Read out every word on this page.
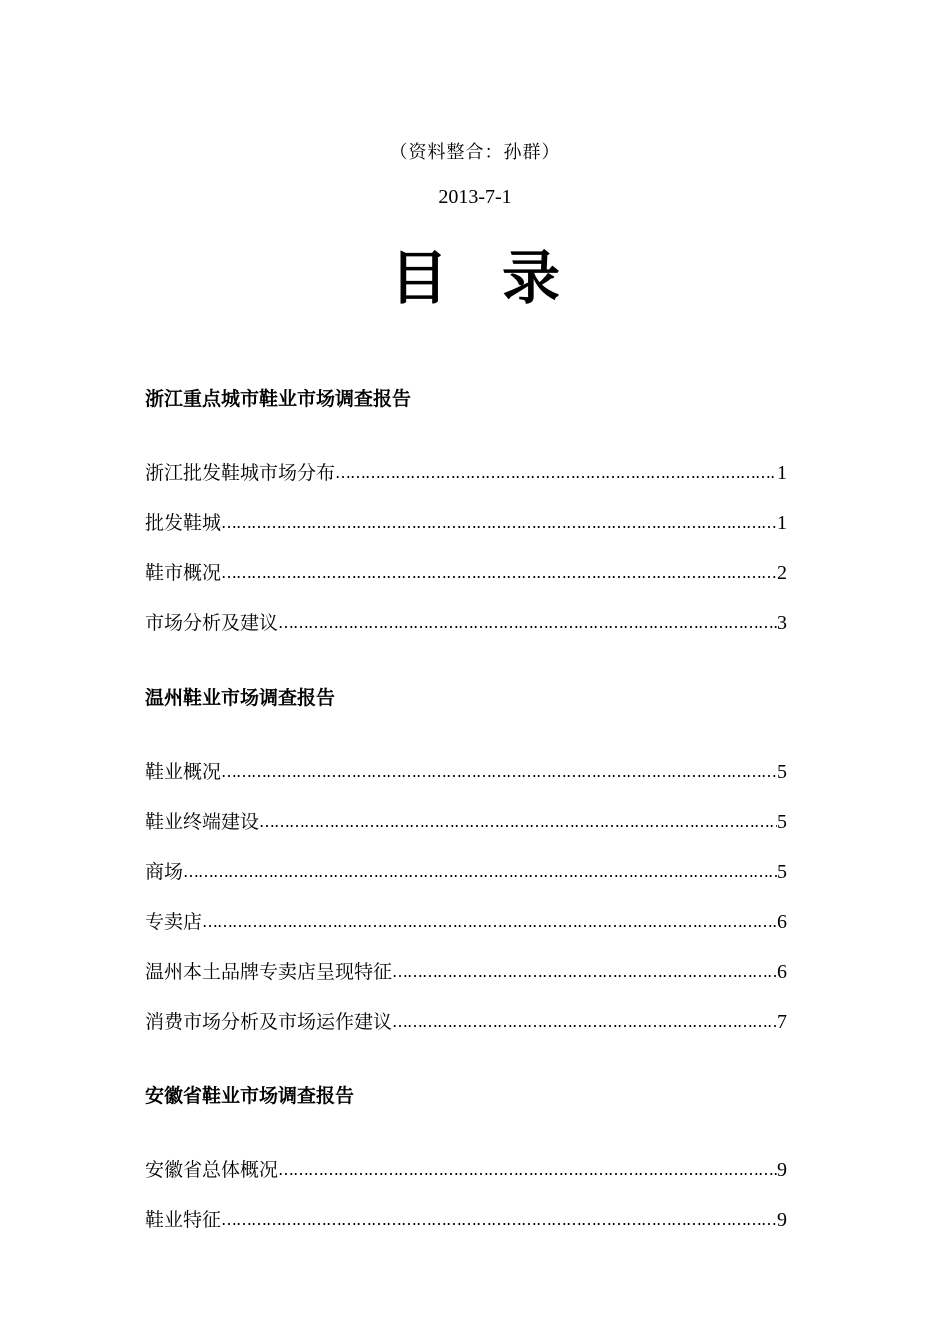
（资料整合：孙群）
2013-7-1
目 录
浙江重点城市鞋业市场调查报告
浙江批发鞋城市场分布 ………………………………………………………………………………………………………………………………………………………………	1
批发鞋城 ………………………………………………………………………………………………………………………………………………………………	1
鞋市概况 ………………………………………………………………………………………………………………………………………………………………	2
市场分析及建议 ………………………………………………………………………………………………………………………………………………………………	3
温州鞋业市场调查报告
鞋业概况 ………………………………………………………………………………………………………………………………………………………………	5
鞋业终端建设 ………………………………………………………………………………………………………………………………………………………………	5
商场 ………………………………………………………………………………………………………………………………………………………………	5
专卖店 ………………………………………………………………………………………………………………………………………………………………	6
温州本土品牌专卖店呈现特征 ………………………………………………………………………………………………………………………………………………………………	6
消费市场分析及市场运作建议 ………………………………………………………………………………………………………………………………………………………………	7
安徽省鞋业市场调查报告
安徽省总体概况 ………………………………………………………………………………………………………………………………………………………………	9
鞋业特征 ………………………………………………………………………………………………………………………………………………………………	9
